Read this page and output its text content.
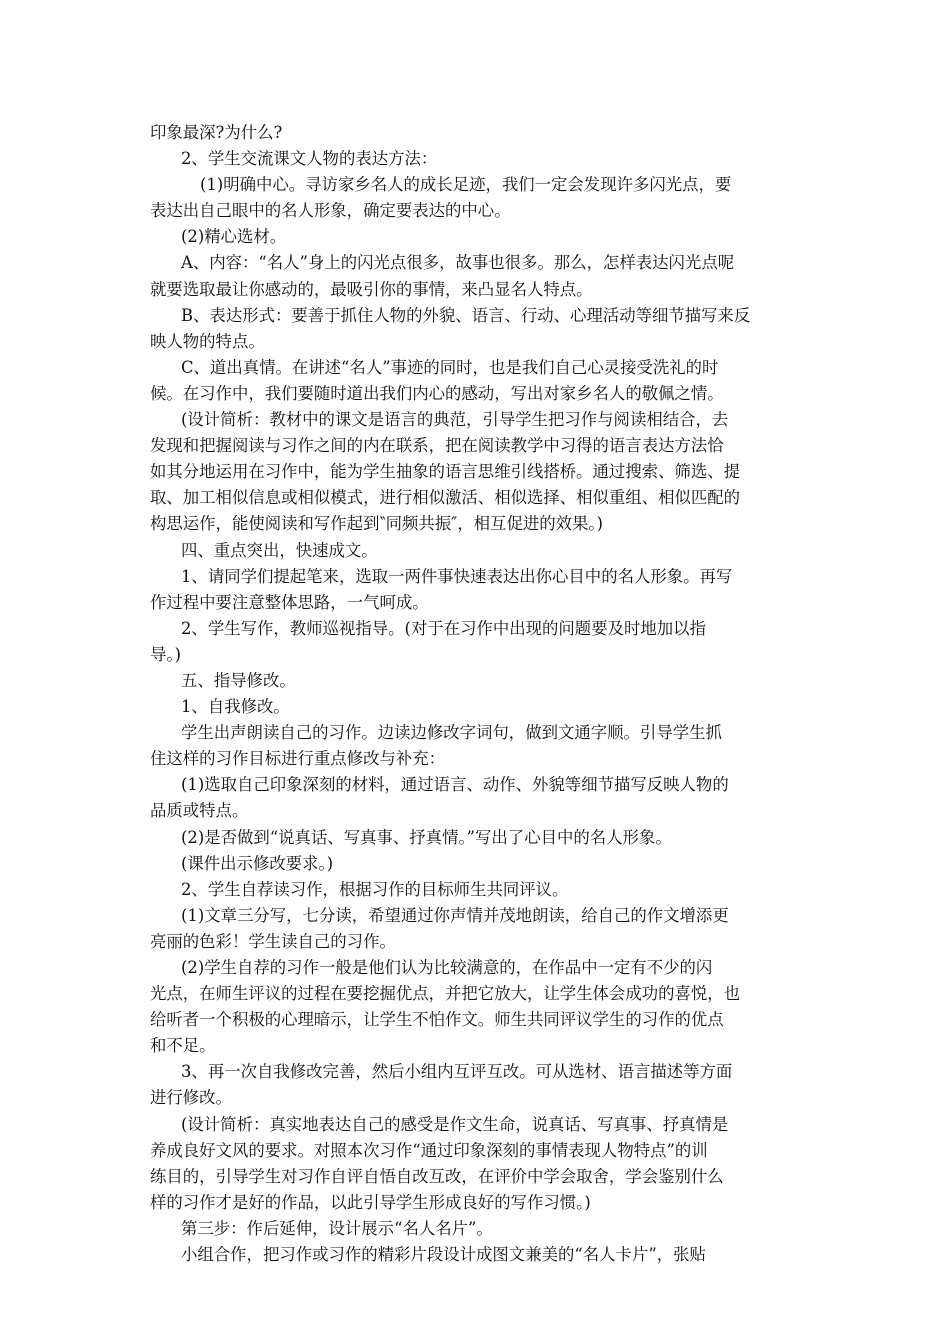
印象最深?为什么?
2、学生交流课文人物的表达方法：
(1)明确中心。寻访家乡名人的成长足迹，我们一定会发现许多闪光点，要
表达出自己眼中的名人形象，确定要表达的中心。
(2)精心选材。
A、内容：“名人”身上的闪光点很多，故事也很多。那么，怎样表达闪光点呢
就要选取最让你感动的，最吸引你的事情，来凸显名人特点。
B、表达形式：要善于抓住人物的外貌、语言、行动、心理活动等细节描写来反
映人物的特点。
C、道出真情。在讲述“名人”事迹的同时，也是我们自己心灵接受洗礼的时
候。在习作中，我们要随时道出我们内心的感动，写出对家乡名人的敬佩之情。
(设计简析：教材中的课文是语言的典范，引导学生把习作与阅读相结合，去
发现和把握阅读与习作之间的内在联系，把在阅读教学中习得的语言表达方法恰
如其分地运用在习作中，能为学生抽象的语言思维引线搭桥。通过搜索、筛选、提
取、加工相似信息或相似模式，进行相似激活、相似选择、相似重组、相似匹配的
构思运作，能使阅读和写作起到‶同频共振″，相互促进的效果。)
四、重点突出，快速成文。
1、请同学们提起笔来，选取一两件事快速表达出你心目中的名人形象。再写
作过程中要注意整体思路，一气呵成。
2、学生写作，教师巡视指导。(对于在习作中出现的问题要及时地加以指
导。)
五、指导修改。
1、自我修改。
学生出声朗读自己的习作。边读边修改字词句，做到文通字顺。引导学生抓
住这样的习作目标进行重点修改与补充：
(1)选取自己印象深刻的材料，通过语言、动作、外貌等细节描写反映人物的
品质或特点。
(2)是否做到“说真话、写真事、抒真情。”写出了心目中的名人形象。
(课件出示修改要求。)
2、学生自荐读习作，根据习作的目标师生共同评议。
(1)文章三分写，七分读，希望通过你声情并茂地朗读，给自己的作文增添更
亮丽的色彩！学生读自己的习作。
(2)学生自荐的习作一般是他们认为比较满意的，在作品中一定有不少的闪
光点，在师生评议的过程在要挖掘优点，并把它放大，让学生体会成功的喜悦，也
给听者一个积极的心理暗示，让学生不怕作文。师生共同评议学生的习作的优点
和不足。
3、再一次自我修改完善，然后小组内互评互改。可从选材、语言描述等方面
进行修改。
(设计简析：真实地表达自己的感受是作文生命，说真话、写真事、抒真情是
养成良好文风的要求。对照本次习作“通过印象深刻的事情表现人物特点”的训
练目的，引导学生对习作自评自悟自改互改，在评价中学会取舍，学会鉴别什么
样的习作才是好的作品，以此引导学生形成良好的写作习惯。)
第三步：作后延伸，设计展示“名人名片”。
小组合作，把习作或习作的精彩片段设计成图文兼美的“名人卡片”，张贴
